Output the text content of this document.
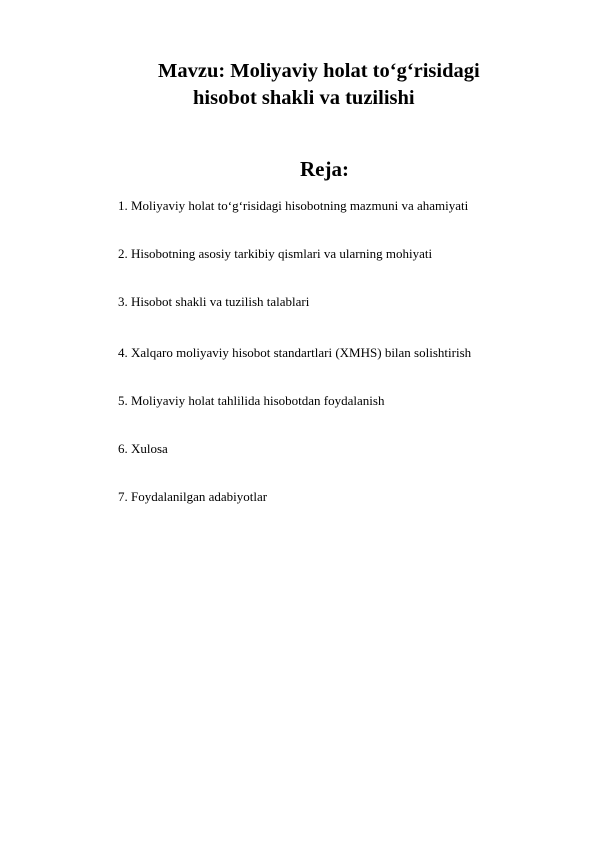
Mavzu: Moliyaviy holat to‘g‘risidagi
hisobot shakli va tuzilishi
Reja:
1. Moliyaviy holat to‘g‘risidagi hisobotning mazmuni va ahamiyati
2. Hisobotning asosiy tarkibiy qismlari va ularning mohiyati
3. Hisobot shakli va tuzilish talablari
4. Xalqaro moliyaviy hisobot standartlari (XMHS) bilan solishtirish
5. Moliyaviy holat tahlilida hisobotdan foydalanish
6. Xulosa
7. Foydalanilgan adabiyotlar
